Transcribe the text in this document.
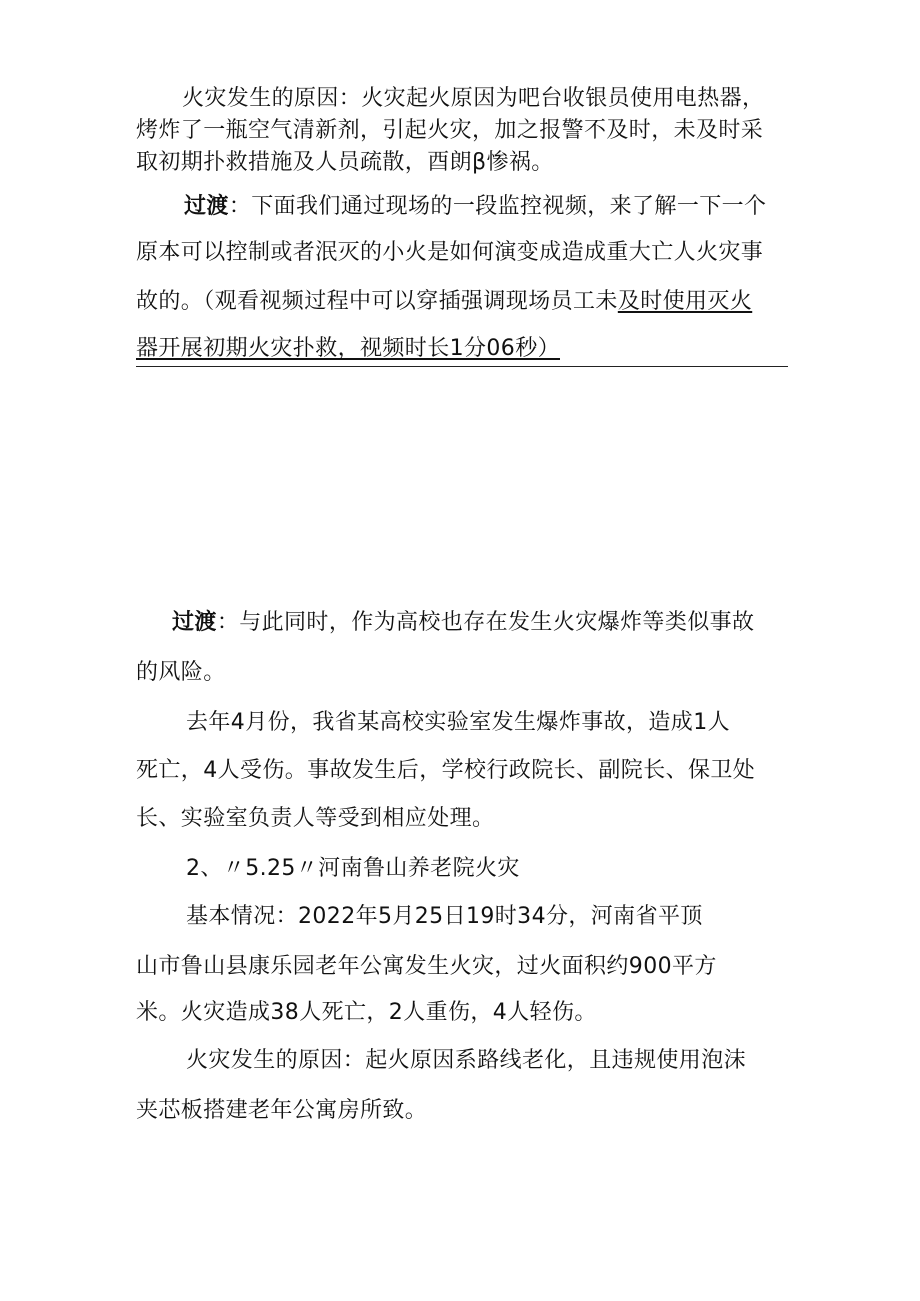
火灾发生的原因：火灾起火原因为吧台收银员使用电热器，
烤炸了一瓶空气清新剂，引起火灾，加之报警不及时，未及时采
取初期扑救措施及人员疏散，酉朗β惨祸。
过渡：下面我们通过现场的一段监控视频，来了解一下一个
原本可以控制或者泯灭的小火是如何演变成造成重大亡人火灾事
故的。（观看视频过程中可以穿插强调现场员工未及时使用灭火
器开展初期火灾扑救，视频时长1分06秒）
过渡：与此同时，作为高校也存在发生火灾爆炸等类似事故
的风险。
去年4月份，我省某高校实验室发生爆炸事故，造成1人
死亡，4人受伤。事故发生后，学校行政院长、副院长、保卫处
长、实验室负责人等受到相应处理。
2、〃5.25〃河南鲁山养老院火灾
基本情况：2022年5月25日19时34分，河南省平顶
山市鲁山县康乐园老年公寓发生火灾，过火面积约900平方
米。火灾造成38人死亡，2人重伤，4人轻伤。
火灾发生的原因：起火原因系路线老化，且违规使用泡沫
夹芯板搭建老年公寓房所致。
